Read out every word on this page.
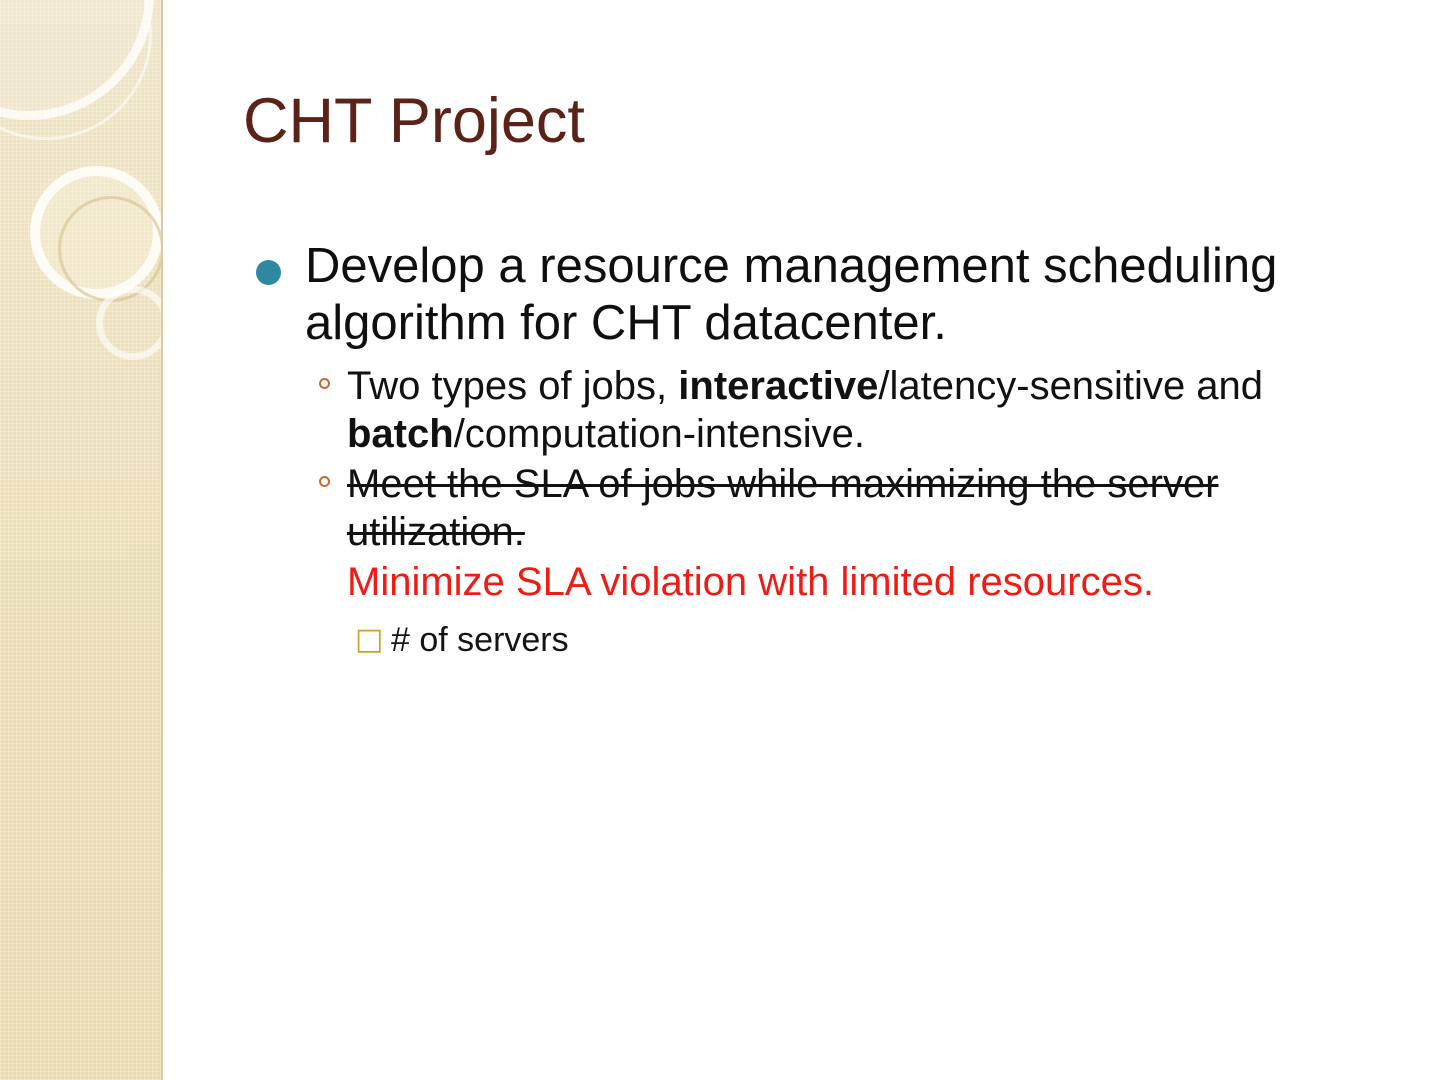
CHT Project
Develop a resource management scheduling algorithm for CHT datacenter.
Two types of jobs, interactive/latency-sensitive and batch/computation-intensive.
Meet the SLA of jobs while maximizing the server utilization.
Minimize SLA violation with limited resources.
□ # of servers
